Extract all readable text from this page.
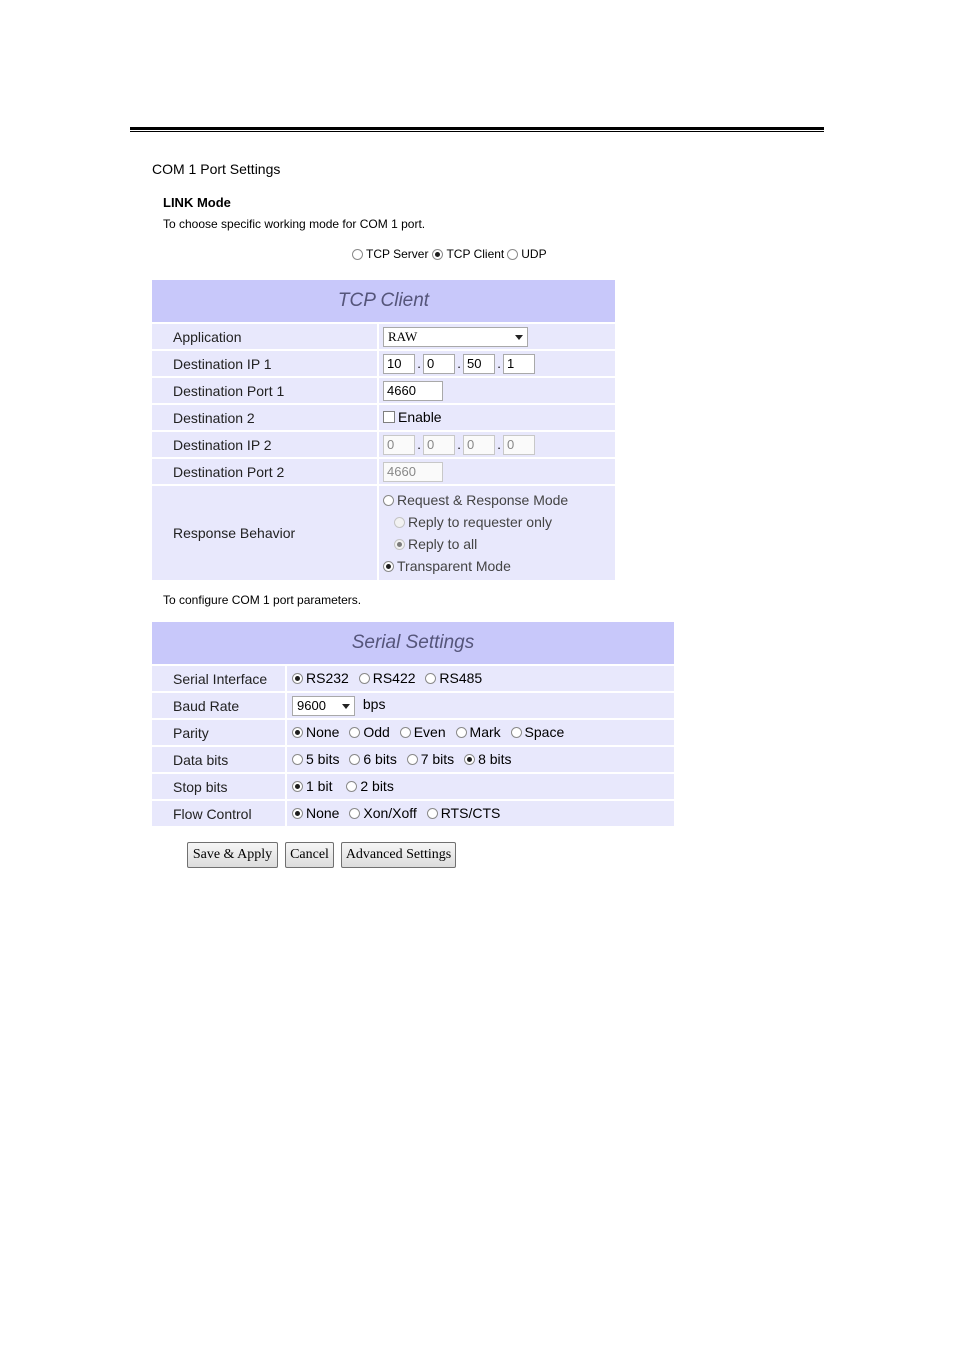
COM 1 Port Settings
LINK Mode
To choose specific working mode for COM 1 port.
TCP Server TCP Client UDP
TCP Client	
Application	RAW

Destination IP 1	10 . 0 . 50 . 1
Destination Port 1	4660
Destination 2	Enable

Destination IP 2	0 . 0 . 0 . 0
Destination Port 2	4660
Response Behavior	Request & Response Mode
Reply to requester only
Reply to all
Transparent Mode
To configure COM 1 port parameters.
Serial Settings	
Serial Interface	RS232
RS422
RS485

Baud Rate	9600 bps
Parity	None
Odd
Even
Mark
Space

Data bits	5 bits
6 bits
7 bits
8 bits

Stop bits	1 bit
2 bits

Flow Control	None
Xon/Xoff
RTS/CTS
Save & Apply	Cancel	Advanced Settings
